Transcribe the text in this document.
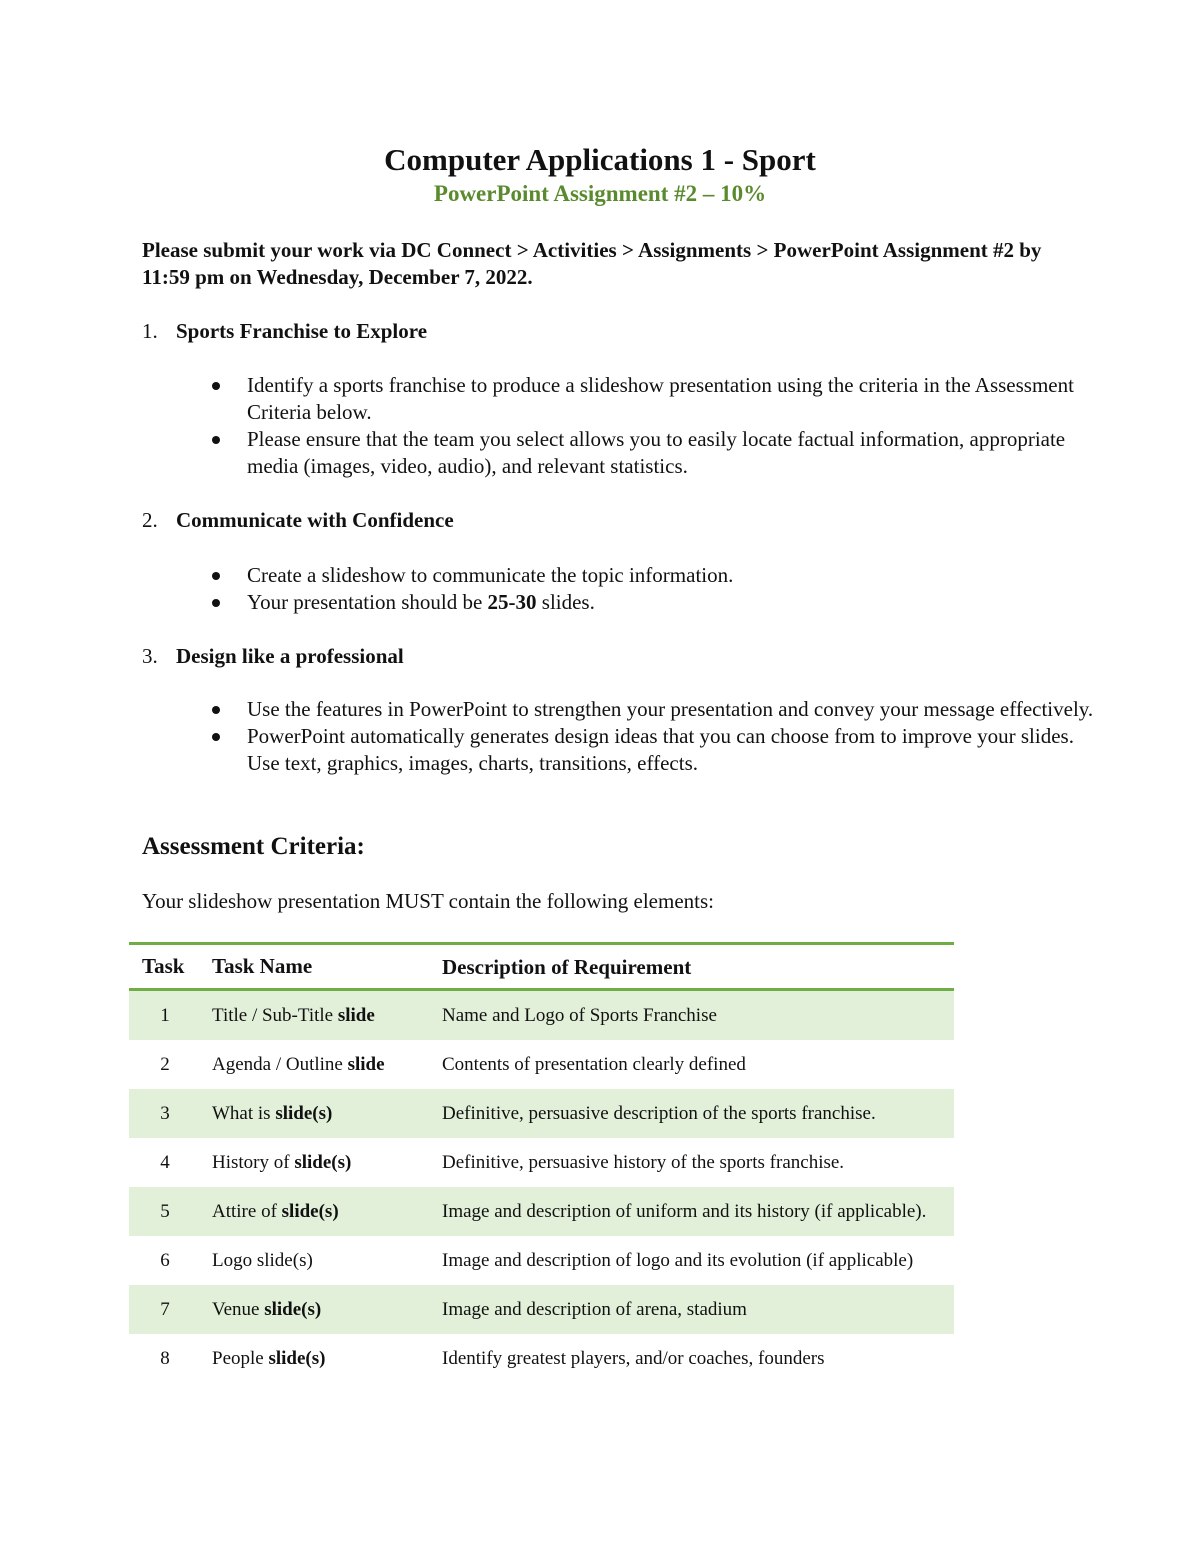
Computer Applications 1 - Sport
PowerPoint Assignment #2 – 10%

Please submit your work via DC Connect > Activities > Assignments > PowerPoint Assignment #2 by 11:59 pm on Wednesday, December 7, 2022.

1. Sports Franchise to Explore
Identify a sports franchise to produce a slideshow presentation using the criteria in the Assessment Criteria below.
Please ensure that the team you select allows you to easily locate factual information, appropriate media (images, video, audio), and relevant statistics.
2. Communicate with Confidence
Create a slideshow to communicate the topic information.
Your presentation should be 25-30 slides.
3. Design like a professional
Use the features in PowerPoint to strengthen your presentation and convey your message effectively.
PowerPoint automatically generates design ideas that you can choose from to improve your slides. Use text, graphics, images, charts, transitions, effects.
Assessment Criteria:

Your slideshow presentation MUST contain the following elements:

Task	Task Name	Description of Requirement
1	Title / Sub-Title slide	Name and Logo of Sports Franchise
2	Agenda / Outline slide	Contents of presentation clearly defined
3	What is slide(s)	Definitive, persuasive description of the sports franchise.
4	History of slide(s)	Definitive, persuasive history of the sports franchise.
5	Attire of slide(s)	Image and description of uniform and its history (if applicable).
6	Logo slide(s)	Image and description of logo and its evolution (if applicable)
7	Venue slide(s)	Image and description of arena, stadium
8	People slide(s)	Identify greatest players, and/or coaches, founders
